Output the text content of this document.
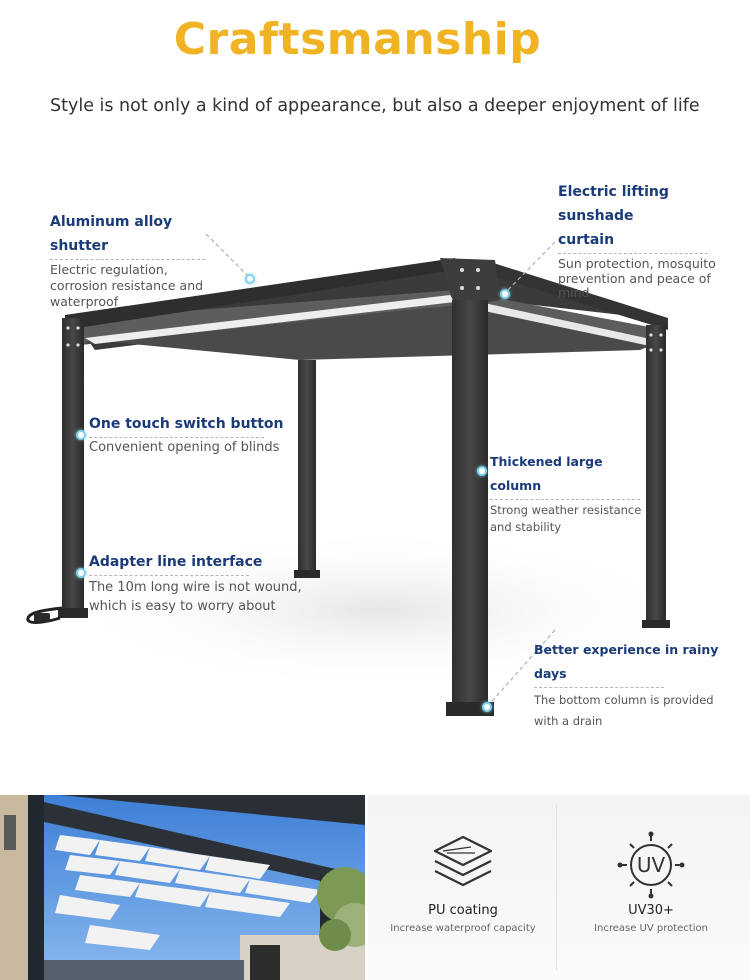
Craftsmanship
Style is not only a kind of appearance, but also a deeper enjoyment of life
Aluminum alloy shutter
Electric regulation,
corrosion resistance and
waterproof
Electric lifting sunshade
curtain
Sun protection, mosquito
prevention and peace of
mind
One touch switch button
Convenient opening of blinds
Thickened large column
Strong weather resistance
and stability
Adapter line interface
The 10m long wire is not wound,
which is easy to worry about
Better experience in rainy days
The bottom column is provided
with a drain
PU coating
Increase waterproof capacity
UV
UV30+
Increase UV protection
